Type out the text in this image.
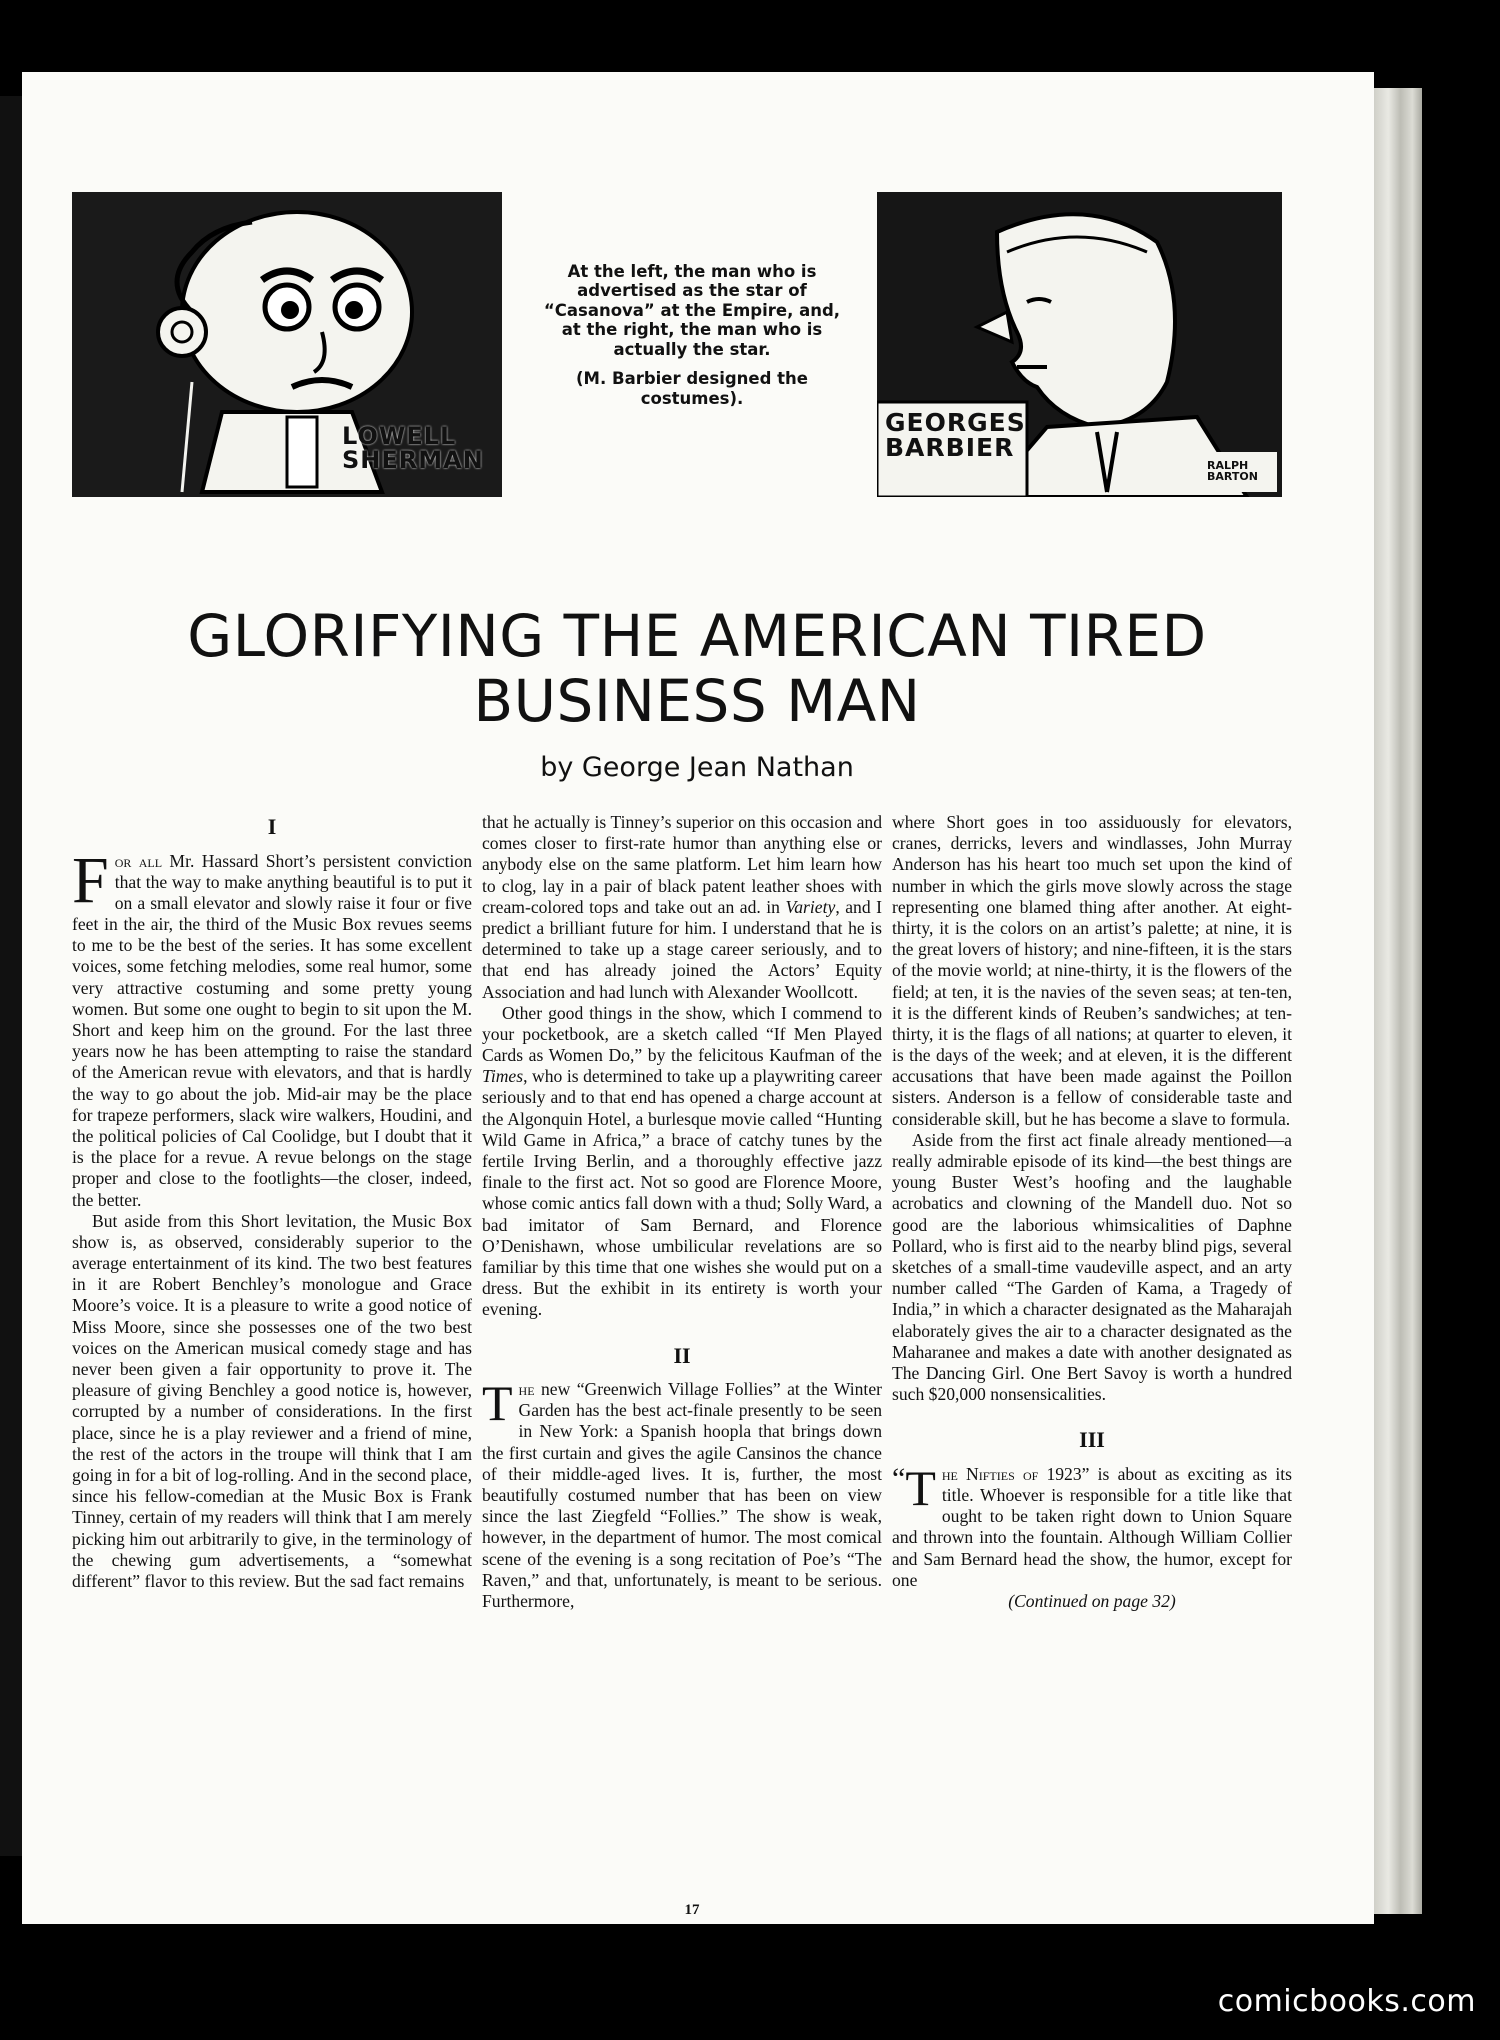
LOWELL SHERMAN

At the left, the man who is advertised as the star of “Casanova” at the Empire, and, at the right, the man who is actually the star.

(M. Barbier designed the costumes).

GEORGES BARBIER
RALPH BARTON
GLORIFYING THE AMERICAN TIRED BUSINESS MAN
by George Jean Nathan
I

For all Mr. Hassard Short’s persistent conviction that the way to make anything beautiful is to put it on a small elevator and slowly raise it four or five feet in the air, the third of the Music Box revues seems to me to be the best of the series. It has some excellent voices, some fetching melodies, some real humor, some very attractive costuming and some pretty young women. But some one ought to begin to sit upon the M. Short and keep him on the ground. For the last three years now he has been attempting to raise the standard of the American revue with elevators, and that is hardly the way to go about the job. Mid-air may be the place for trapeze performers, slack wire walkers, Houdini, and the political policies of Cal Coolidge, but I doubt that it is the place for a revue. A revue belongs on the stage proper and close to the footlights—the closer, indeed, the better.

But aside from this Short levitation, the Music Box show is, as observed, considerably superior to the average entertainment of its kind. The two best features in it are Robert Benchley’s monologue and Grace Moore’s voice. It is a pleasure to write a good notice of Miss Moore, since she possesses one of the two best voices on the American musical comedy stage and has never been given a fair opportunity to prove it. The pleasure of giving Benchley a good notice is, however, corrupted by a number of considerations. In the first place, since he is a play reviewer and a friend of mine, the rest of the actors in the troupe will think that I am going in for a bit of log-rolling. And in the second place, since his fellow-comedian at the Music Box is Frank Tinney, certain of my readers will think that I am merely picking him out arbitrarily to give, in the terminology of the chewing gum advertisements, a “somewhat different” flavor to this review. But the sad fact remains

that he actually is Tinney’s superior on this occasion and comes closer to first-rate humor than anything else or anybody else on the same platform. Let him learn how to clog, lay in a pair of black patent leather shoes with cream-colored tops and take out an ad. in Variety, and I predict a brilliant future for him. I understand that he is determined to take up a stage career seriously, and to that end has already joined the Actors’ Equity Association and had lunch with Alexander Woollcott.

Other good things in the show, which I commend to your pocketbook, are a sketch called “If Men Played Cards as Women Do,” by the felicitous Kaufman of the Times, who is determined to take up a playwriting career seriously and to that end has opened a charge account at the Algonquin Hotel, a burlesque movie called “Hunting Wild Game in Africa,” a brace of catchy tunes by the fertile Irving Berlin, and a thoroughly effective jazz finale to the first act. Not so good are Florence Moore, whose comic antics fall down with a thud; Solly Ward, a bad imitator of Sam Bernard, and Florence O’Denishawn, whose umbilicular revelations are so familiar by this time that one wishes she would put on a dress. But the exhibit in its entirety is worth your evening.

II

The new “Greenwich Village Follies” at the Winter Garden has the best act-finale presently to be seen in New York: a Spanish hoopla that brings down the first curtain and gives the agile Cansinos the chance of their middle-aged lives. It is, further, the most beautifully costumed number that has been on view since the last Ziegfeld “Follies.” The show is weak, however, in the department of humor. The most comical scene of the evening is a song recitation of Poe’s “The Raven,” and that, unfortunately, is meant to be serious. Furthermore,

where Short goes in too assiduously for elevators, cranes, derricks, levers and windlasses, John Murray Anderson has his heart too much set upon the kind of number in which the girls move slowly across the stage representing one blamed thing after another. At eight-thirty, it is the colors on an artist’s palette; at nine, it is the great lovers of history; and nine-fifteen, it is the stars of the movie world; at nine-thirty, it is the flowers of the field; at ten, it is the navies of the seven seas; at ten-ten, it is the different kinds of Reuben’s sandwiches; at ten-thirty, it is the flags of all nations; at quarter to eleven, it is the days of the week; and at eleven, it is the different accusations that have been made against the Poillon sisters. Anderson is a fellow of considerable taste and considerable skill, but he has become a slave to formula.

Aside from the first act finale already mentioned—a really admirable episode of its kind—the best things are young Buster West’s hoofing and the laughable acrobatics and clowning of the Mandell duo. Not so good are the laborious whimsicalities of Daphne Pollard, who is first aid to the nearby blind pigs, several sketches of a small-time vaudeville aspect, and an arty number called “The Garden of Kama, a Tragedy of India,” in which a character designated as the Maharajah elaborately gives the air to a character designated as the Maharanee and makes a date with another designated as The Dancing Girl. One Bert Savoy is worth a hundred such $20,000 nonsensicalities.

III

“ T he Nifties of 1923” is about as exciting as its title. Whoever is responsible for a title like that ought to be taken right down to Union Square and thrown into the fountain. Although William Collier and Sam Bernard head the show, the humor, except for one

(Continued on page 32)
17
comicbooks.com
